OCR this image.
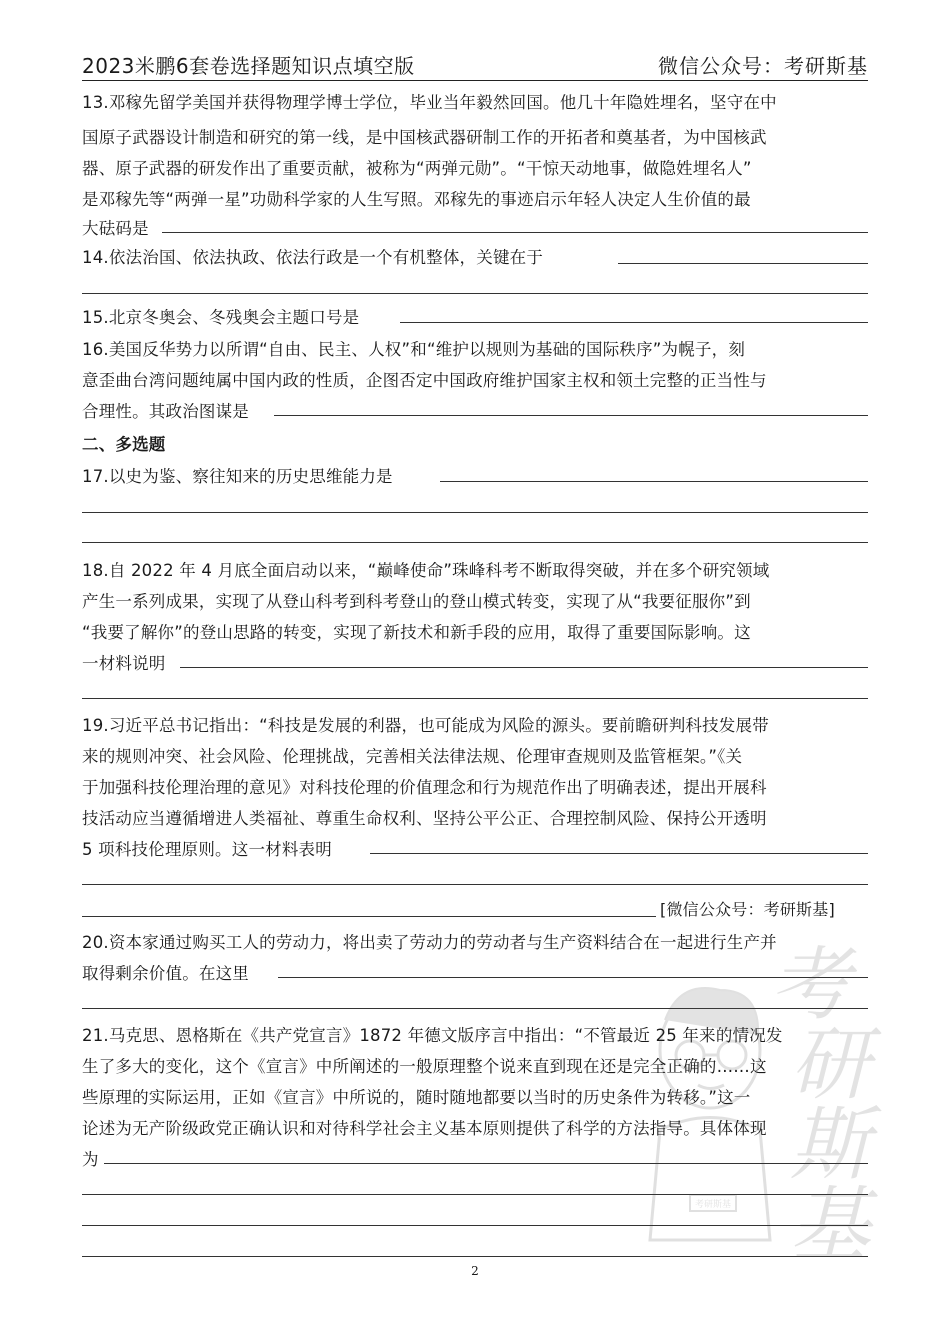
2023米鹏6套卷选择题知识点填空版	微信公众号：考研斯基
13.邓稼先留学美国并获得物理学博士学位，毕业当年毅然回国。他几十年隐姓埋名，坚守在中
国原子武器设计制造和研究的第一线，是中国核武器研制工作的开拓者和奠基者，为中国核武
器、原子武器的研发作出了重要贡献，被称为“两弹元勋”。“干惊天动地事，做隐姓埋名人”
是邓稼先等“两弹一星”功勋科学家的人生写照。邓稼先的事迹启示年轻人决定人生价值的最
大砝码是
14.依法治国、依法执政、依法行政是一个有机整体，关键在于
15.北京冬奥会、冬残奥会主题口号是
16.美国反华势力以所谓“自由、民主、人权”和“维护以规则为基础的国际秩序”为幌子，刻
意歪曲台湾问题纯属中国内政的性质，企图否定中国政府维护国家主权和领土完整的正当性与
合理性。其政治图谋是
二、多选题
17.以史为鉴、察往知来的历史思维能力是
18.自 2022 年 4 月底全面启动以来，“巅峰使命”珠峰科考不断取得突破，并在多个研究领域
产生一系列成果，实现了从登山科考到科考登山的登山模式转变，实现了从“我要征服你”到
“我要了解你”的登山思路的转变，实现了新技术和新手段的应用，取得了重要国际影响。这
一材料说明
19.习近平总书记指出：“科技是发展的利器，也可能成为风险的源头。要前瞻研判科技发展带
来的规则冲突、社会风险、伦理挑战，完善相关法律法规、伦理审查规则及监管框架。”《关
于加强科技伦理治理的意见》对科技伦理的价值理念和行为规范作出了明确表述，提出开展科
技活动应当遵循增进人类福祉、尊重生命权利、坚持公平公正、合理控制风险、保持公开透明
5 项科技伦理原则。这一材料表明
[微信公众号：考研斯基]
20.资本家通过购买工人的劳动力，将出卖了劳动力的劳动者与生产资料结合在一起进行生产并
取得剩余价值。在这里
21.马克思、恩格斯在《共产党宣言》1872 年德文版序言中指出：“不管最近 25 年来的情况发
生了多大的变化，这个《宣言》中所阐述的一般原理整个说来直到现在还是完全正确的……这
些原理的实际运用，正如《宣言》中所说的，随时随地都要以当时的历史条件为转移。”这一
论述为无产阶级政党正确认识和对待科学社会主义基本原则提供了科学的方法指导。具体体现
为
考
研
斯
基
考研斯基
2
